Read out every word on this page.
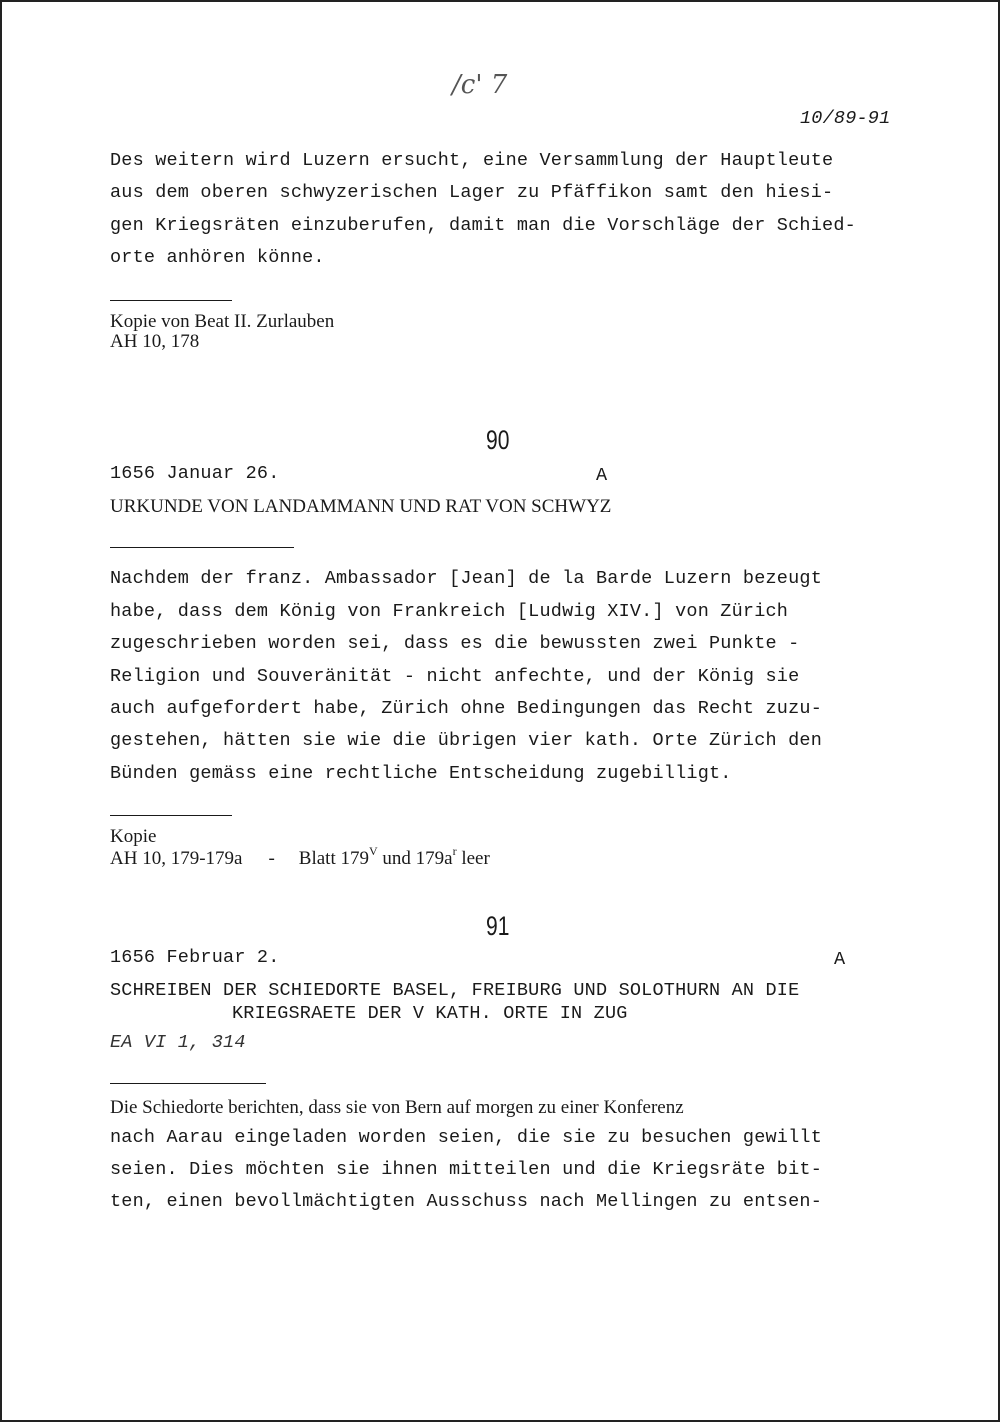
/c' 7
10/89-91
Des weitern wird Luzern ersucht, eine Versammlung der Hauptleute
aus dem oberen schwyzerischen Lager zu Pfäffikon samt den hiesi-
gen Kriegsräten einzuberufen, damit man die Vorschläge der Schied-
orte anhören könne.
Kopie von Beat II. Zurlauben
AH 10, 178
90
1656 Januar 26.	A
URKUNDE VON LANDAMMANN UND RAT VON SCHWYZ
Nachdem der franz. Ambassador [Jean] de la Barde Luzern bezeugt
habe, dass dem König von Frankreich [Ludwig XIV.] von Zürich
zugeschrieben worden sei, dass es die bewussten zwei Punkte -
Religion und Souveränität - nicht anfechte, und der König sie
auch aufgefordert habe, Zürich ohne Bedingungen das Recht zuzu-
gestehen, hätten sie wie die übrigen vier kath. Orte Zürich den
Bünden gemäss eine rechtliche Entscheidung zugebilligt.
Kopie
AH 10, 179-179a - Blatt $179^V$ und $179a^r$ leer
91
1656 Februar 2.	A
SCHREIBEN DER SCHIEDORTE BASEL, FREIBURG UND SOLOTHURN AN DIE
KRIEGSRAETE DER V KATH. ORTE IN ZUG
EA VI 1, 314
Die Schiedorte berichten, dass sie von Bern auf morgen zu einer Konferenz
nach Aarau eingeladen worden seien, die sie zu besuchen gewillt
seien. Dies möchten sie ihnen mitteilen und die Kriegsräte bit-
ten, einen bevollmächtigten Ausschuss nach Mellingen zu entsen-
